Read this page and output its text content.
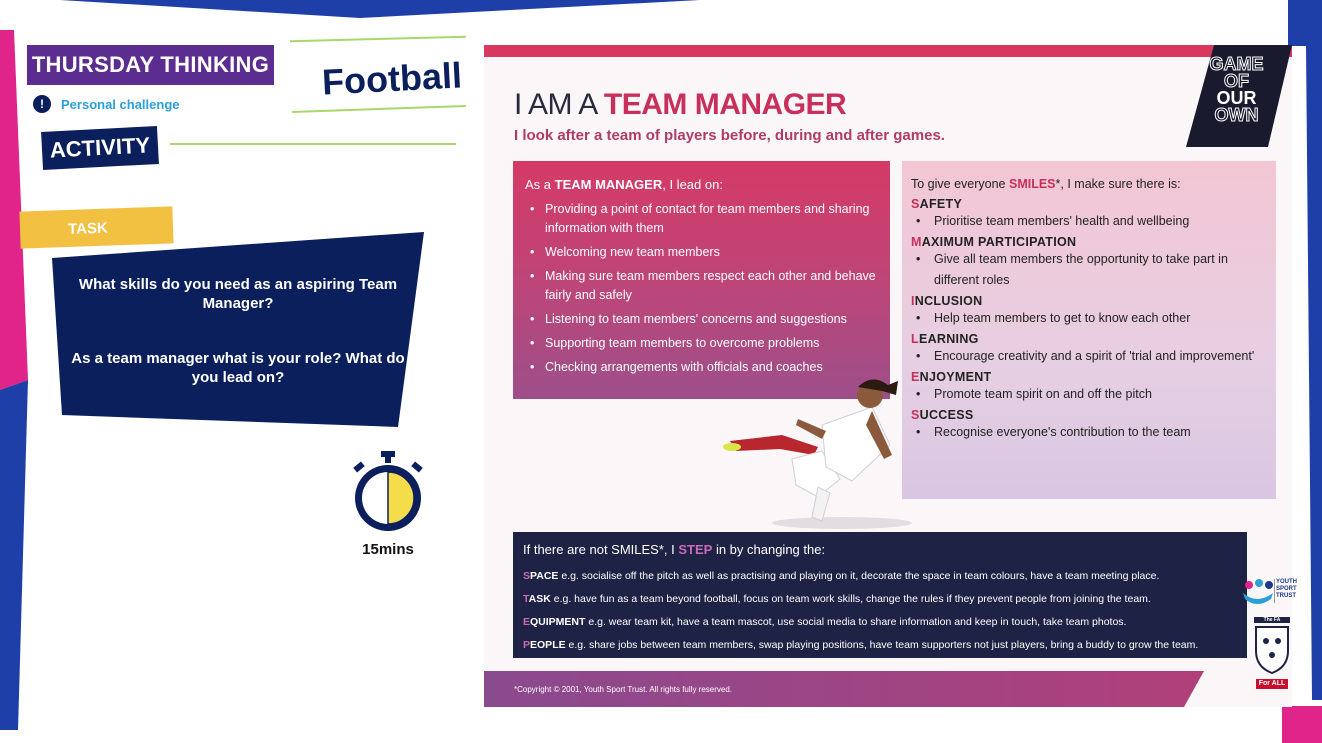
THURSDAY THINKING
!	Personal challenge
ACTIVITY
Football
TASK

What skills do you need as an aspiring Team Manager?

As a team manager what is your role? What do you lead on?

15mins
GAME
OF
OUR
OWN
I AM A TEAM MANAGER
I look after a team of players before, during and after games.
As a TEAM MANAGER, I lead on:
• Providing a point of contact for team members and sharing information with them
• Welcoming new team members
• Making sure team members respect each other and behave fairly and safely
• Listening to team members' concerns and suggestions
• Supporting team members to overcome problems
• Checking arrangements with officials and coaches
To give everyone SMILES*, I make sure there is:
SAFETY
• Prioritise team members' health and wellbeing
MAXIMUM PARTICIPATION
• Give all team members the opportunity to take part in different roles
INCLUSION
• Help team members to get to know each other
LEARNING
• Encourage creativity and a spirit of 'trial and improvement'
ENJOYMENT
• Promote team spirit on and off the pitch
SUCCESS
• Recognise everyone's contribution to the team
If there are not SMILES*, I STEP in by changing the:
SPACE e.g. socialise off the pitch as well as practising and playing on it, decorate the space in team colours, have a team meeting place.
TASK e.g. have fun as a team beyond football, focus on team work skills, change the rules if they prevent people from joining the team.
EQUIPMENT e.g. wear team kit, have a team mascot, use social media to share information and keep in touch, take team photos.
PEOPLE e.g. share jobs between team members, swap playing positions, have team supporters not just players, bring a buddy to grow the team.
YOUTH
SPORT
TRUST
The FA
For ALL
*Copyright © 2001, Youth Sport Trust. All rights fully reserved.
